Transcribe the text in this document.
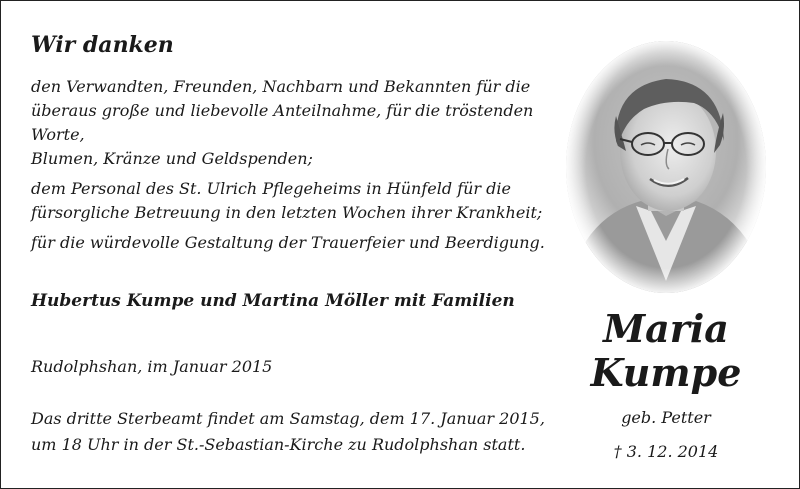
Wir danken
den Verwandten, Freunden, Nachbarn und Bekannten für die
überaus große und liebevolle Anteilnahme, für die tröstenden Worte,
Blumen, Kränze und Geldspenden;
dem Personal des St. Ulrich Pflegeheims in Hünfeld für die
fürsorgliche Betreuung in den letzten Wochen ihrer Krankheit;
für die würdevolle Gestaltung der Trauerfeier und Beerdigung.
Hubertus Kumpe und Martina Möller mit Familien
Rudolphshan, im Januar 2015
Das dritte Sterbeamt findet am Samstag, dem 17. Januar 2015,
um 18 Uhr in der St.-Sebastian-Kirche zu Rudolphshan statt.
Maria
Kumpe
geb. Petter
† 3. 12. 2014
